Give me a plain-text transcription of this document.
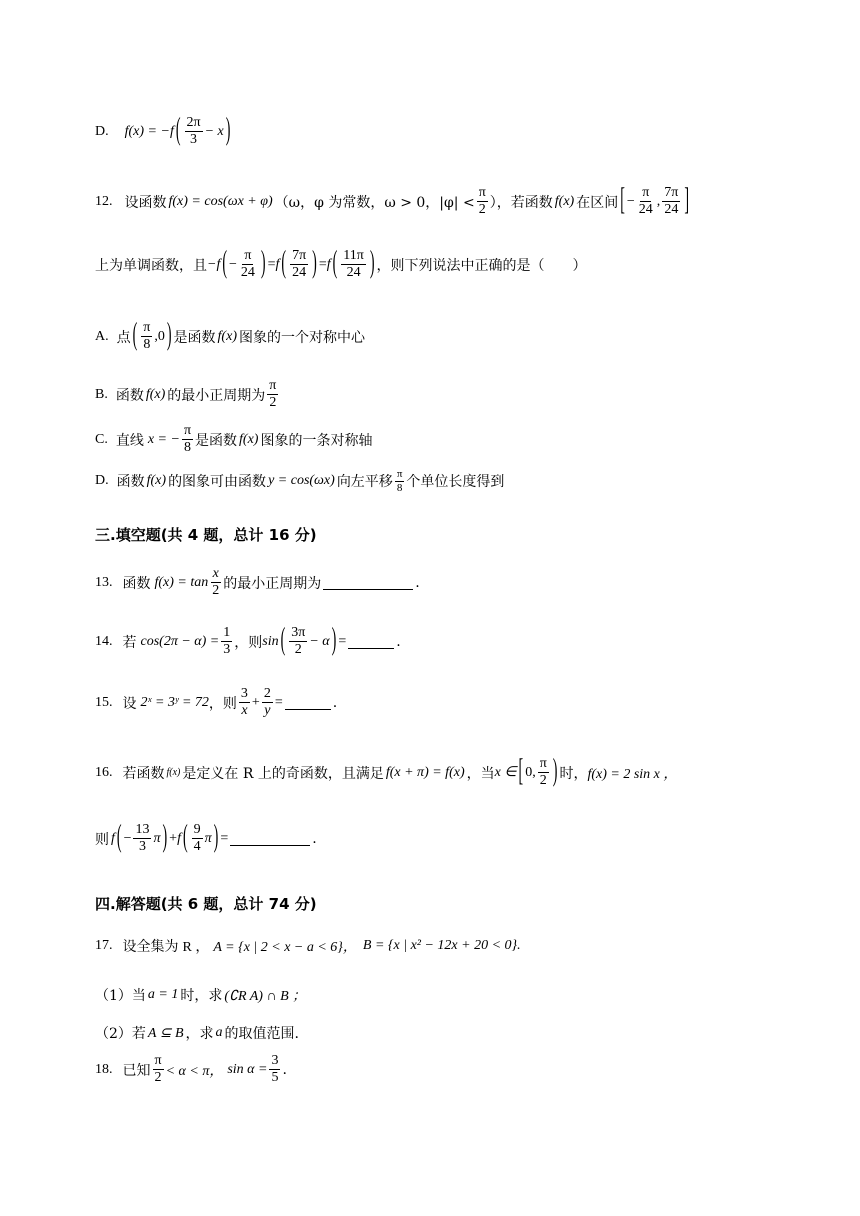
D. f(x) = −f ( $\frac{2\pi}{3} - x$ )
12. 设函数 f(x) = cos(ωx + φ) （ω，φ 为常数，ω > 0，$|\varphi| < \frac{\pi}{2}$ ），若函数 f(x) 在区间 [ − $\frac{\pi}{24}$ , $\frac{7\pi}{24}$ ]
上为单调函数，且 −f ( − $\frac{\pi}{24}$ ) = f ( $\frac{7\pi}{24}$ ) = f ( $\frac{11\pi}{24}$ ) ，则下列说法中正确的是（　　）
A. 点 ( $\frac{\pi}{8} ,0$ ) 是函数 f(x) 图象的一个对称中心
B. 函数 f(x) 的最小正周期为 $\frac{\pi}{2}$
C. 直线 x = − $\frac{\pi}{8}$ 是函数 f(x) 图象的一条对称轴
D. 函数 f(x) 的图象可由函数 y = cos(ωx) 向左平移 $\frac{\pi}{8}$ 个单位长度得到
三.填空题(共 4 题，总计 16 分)
13. 函数 $f(x) = \tan \frac{x}{2}$ 的最小正周期为	.
14. 若 $\cos(2\pi - \alpha) = \frac{1}{3}$ ，则 sin ( $\frac{3\pi}{2} - \alpha$ ) =	.
15. 设 2ˣ = 3ʸ = 72 ，则 $\frac{3}{x} + \frac{2}{y}$ =	.
16. 若函数 f(x) 是定义在 R 上的奇函数，且满足 f(x + π) = f(x) ，当 x ∈ [ 0, $\frac{\pi}{2}$ ) 时， f(x) = 2 sin x ，
则 f ( − $\frac{13}{3}$ π ) + f ( $\frac{9}{4}$ π ) =	.
四.解答题(共 6 题，总计 74 分)
17. 设全集为 R ， A = {x | 2 < x − a < 6}， B = {x | x² − 12x + 20 < 0}.
（1）当 a = 1 时，求 (∁R A) ∩ B ；
（2）若 A ⊆ B ，求 a 的取值范围.
18. 已知 $\frac{\pi}{2} < \alpha < \pi$， $\sin \alpha = \frac{3}{5}$ .
